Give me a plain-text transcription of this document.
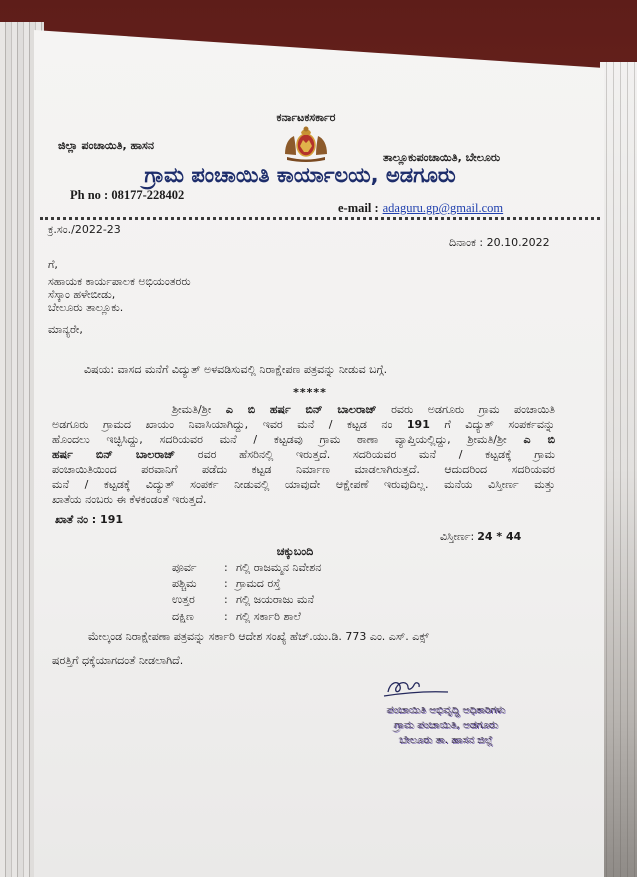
ಕರ್ನಾಟಕಸರ್ಕಾರ
ಜಿಲ್ಲಾ ಪಂಚಾಯಿತಿ, ಹಾಸನ
ತಾಲ್ಲೂಕುಪಂಚಾಯಿತಿ, ಬೇಲೂರು
ಗ್ರಾಮ ಪಂಚಾಯಿತಿ ಕಾರ್ಯಾಲಯ, ಅಡಗೂರು
Ph no : 08177-228402
e-mail : adaguru.gp@gmail.com
ಕ್ರ.ಸಂ./2022-23
ದಿನಾಂಕ : 20.10.2022
ಗೆ,
ಸಹಾಯಕ ಕಾರ್ಯಪಾಲಕ ಅಭಿಯಂತರರು
ಸೆಸ್ಕಾಂ ಹಳೇಬೀಡು,
ಬೇಲೂರು ತಾಲ್ಲೂಕು.
ಮಾನ್ಯರೇ,
ವಿಷಯ: ವಾಸದ ಮನೆಗೆ ವಿದ್ಯುತ್ ಅಳವಡಿಸುವಲ್ಲಿ ನಿರಾಕ್ಷೇಪಣ ಪತ್ರವನ್ನು ನೀಡುವ ಬಗ್ಗೆ.
*****
ಶ್ರೀಮತಿ/ಶ್ರೀ ಎ ಬಿ ಹರ್ಷ ಬಿನ್ ಬಾಲರಾಜ್ ರವರು ಅಡಗೂರು ಗ್ರಾಮ ಪಂಚಾಯಿತಿ
ಅಡಗೂರು ಗ್ರಾಮದ ಖಾಯಂ ನಿವಾಸಿಯಾಗಿದ್ದು, ಇವರ ಮನೆ / ಕಟ್ಟಡ ನಂ 191 ಗೆ ವಿದ್ಯುತ್ ಸಂಪರ್ಕವನ್ನು
ಹೊಂದಲು ಇಚ್ಛಿಸಿದ್ದು, ಸದರಿಯವರ ಮನೆ / ಕಟ್ಟಡವು ಗ್ರಾಮ ಠಾಣಾ ವ್ಯಾಪ್ತಿಯಲ್ಲಿದ್ದು, ಶ್ರೀಮತಿ/ಶ್ರೀ ಎ ಬಿ
ಹರ್ಷ ಬಿನ್ ಬಾಲರಾಜ್ ರವರ ಹೆಸರಿನಲ್ಲಿ ಇರುತ್ತದೆ. ಸದರಿಯವರ ಮನೆ / ಕಟ್ಟಡಕ್ಕೆ ಗ್ರಾಮ
ಪಂಚಾಯಿತಿಯಿಂದ ಪರವಾನಿಗೆ ಪಡೆದು ಕಟ್ಟಡ ನಿರ್ಮಾಣ ಮಾಡಲಾಗಿರುತ್ತದೆ. ಆದುದರಿಂದ ಸದರಿಯವರ
ಮನೆ / ಕಟ್ಟಡಕ್ಕೆ ವಿದ್ಯುತ್ ಸಂಪರ್ಕ ನೀಡುವಲ್ಲಿ ಯಾವುದೇ ಆಕ್ಷೇಪಣೆ ಇರುವುದಿಲ್ಲ. ಮನೆಯ ವಿಸ್ತೀರ್ಣ ಮತ್ತು
ಖಾತೆಯ ನಂಬರು ಈ ಕೆಳಕಂಡಂತೆ ಇರುತ್ತದೆ.
ಖಾತೆ ನಂ : 191
ವಿಸ್ತೀರ್ಣ: 24 * 44
ಚಕ್ಕುಬಂದಿ
ಪೂರ್ವ	: ಗಲ್ಲಿ ರಾಜಮ್ಮನ ನಿವೇಶನ
ಪಶ್ಚಿಮ	: ಗ್ರಾಮದ ರಸ್ತೆ
ಉತ್ತರ	: ಗಲ್ಲಿ ಜಯರಾಜು ಮನೆ
ದಕ್ಷಿಣ	: ಗಲ್ಲಿ ಸರ್ಕಾರಿ ಶಾಲೆ
ಮೇಲ್ಕಂಡ ನಿರಾಕ್ಷೇಪಣಾ ಪತ್ರವನ್ನು ಸರ್ಕಾರಿ ಆದೇಶ ಸಂಖ್ಯೆ ಹೆಚ್.ಯು.ಡಿ. 773 ಎಂ. ಎಸ್. ಎಕ್ಸ್
ಷರತ್ತಿಗೆ ಧಕ್ಕೆಯಾಗದಂತೆ ನೀಡಲಾಗಿದೆ.
ಪಂಚಾಯಿತಿ ಅಭಿವೃದ್ಧಿ ಅಧಿಕಾರಿಗಳು
ಗ್ರಾಮ ಪಂಚಾಯಿತಿ, ಅಡಗೂರು
ಬೇಲೂರು ತಾ. ಹಾಸನ ಜಿಲ್ಲೆ
